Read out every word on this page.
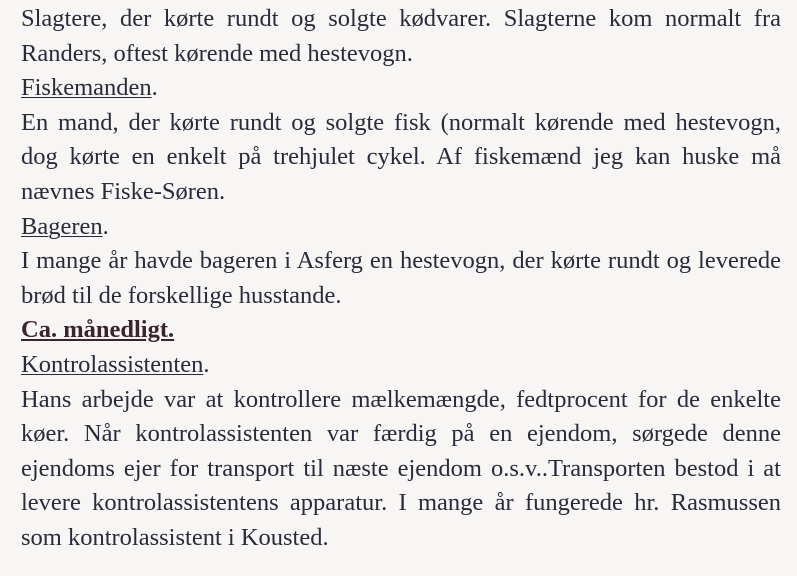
Slagtere, der kørte rundt og solgte kødvarer. Slagterne kom normalt fra Randers, oftest kørende med hestevogn.

Fiskemanden.

En mand, der kørte rundt og solgte fisk (normalt kørende med hestevogn, dog kørte en enkelt på trehjulet cykel. Af fiskemænd jeg kan huske må nævnes Fiske-Søren.

Bageren.

I mange år havde bageren i Asferg en hestevogn, der kørte rundt og leverede brød til de forskellige husstande.

Ca. månedligt.

Kontrolassistenten.

Hans arbejde var at kontrollere mælkemængde, fedtprocent for de enkelte køer. Når kontrolassistenten var færdig på en ejendom, sørgede denne ejendoms ejer for transport til næste ejendom o.s.v..Transporten bestod i at levere kontrolassistentens apparatur. I mange år fungerede hr. Rasmussen som kontrolassistent i Kousted.
